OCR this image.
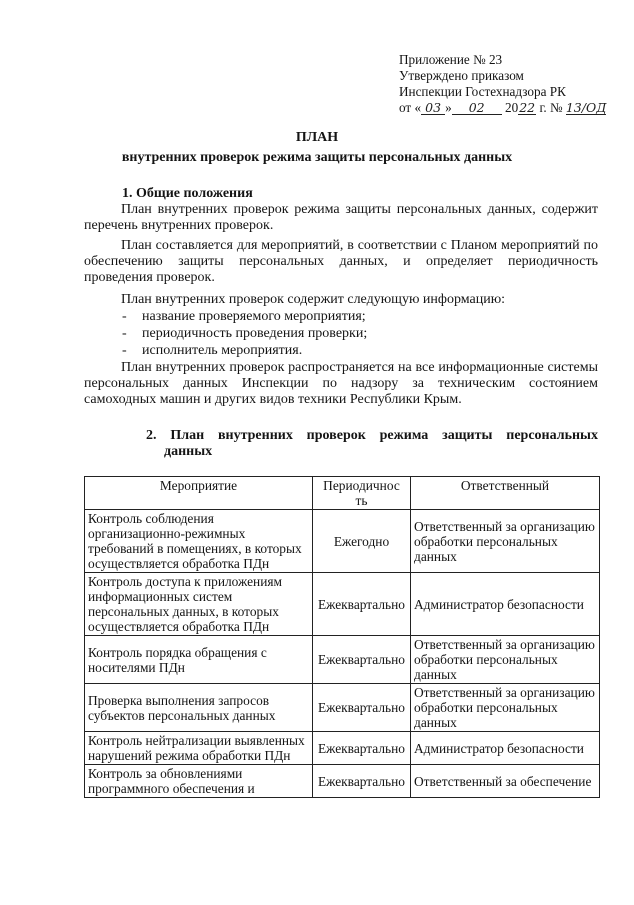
Приложение № 23
Утверждено приказом
Инспекции Гостехнадзора РК
от « 03 » 02 2022 г. № 13/ОД
ПЛАН
внутренних проверок режима защиты персональных данных
1. Общие положения
План внутренних проверок режима защиты персональных данных, содержит перечень внутренних проверок.
План составляется для мероприятий, в соответствии с Планом мероприятий по обеспечению защиты персональных данных, и определяет периодичность проведения проверок.
План внутренних проверок содержит следующую информацию:
- название проверяемого мероприятия;
- периодичность проведения проверки;
- исполнитель мероприятия.
План внутренних проверок распространяется на все информационные системы персональных данных Инспекции по надзору за техническим состоянием самоходных машин и других видов техники Республики Крым.
2. План внутренних проверок режима защиты персональных
данных
Мероприятие	Периодичнос ть	Ответственный
Контроль соблюдения организационно-режимных требований в помещениях, в которых осуществляется обработка ПДн	Ежегодно	Ответственный за организацию обработки персональных данных
Контроль доступа к приложениям информационных систем персональных данных, в которых осуществляется обработка ПДн	Ежеквартально	Администратор безопасности
Контроль порядка обращения с носителями ПДн	Ежеквартально	Ответственный за организацию обработки персональных данных
Проверка выполнения запросов субъектов персональных данных	Ежеквартально	Ответственный за организацию обработки персональных данных
Контроль нейтрализации выявленных нарушений режима обработки ПДн	Ежеквартально	Администратор безопасности
Контроль за обновлениями программного обеспечения и	Ежеквартально	Ответственный за обеспечение
